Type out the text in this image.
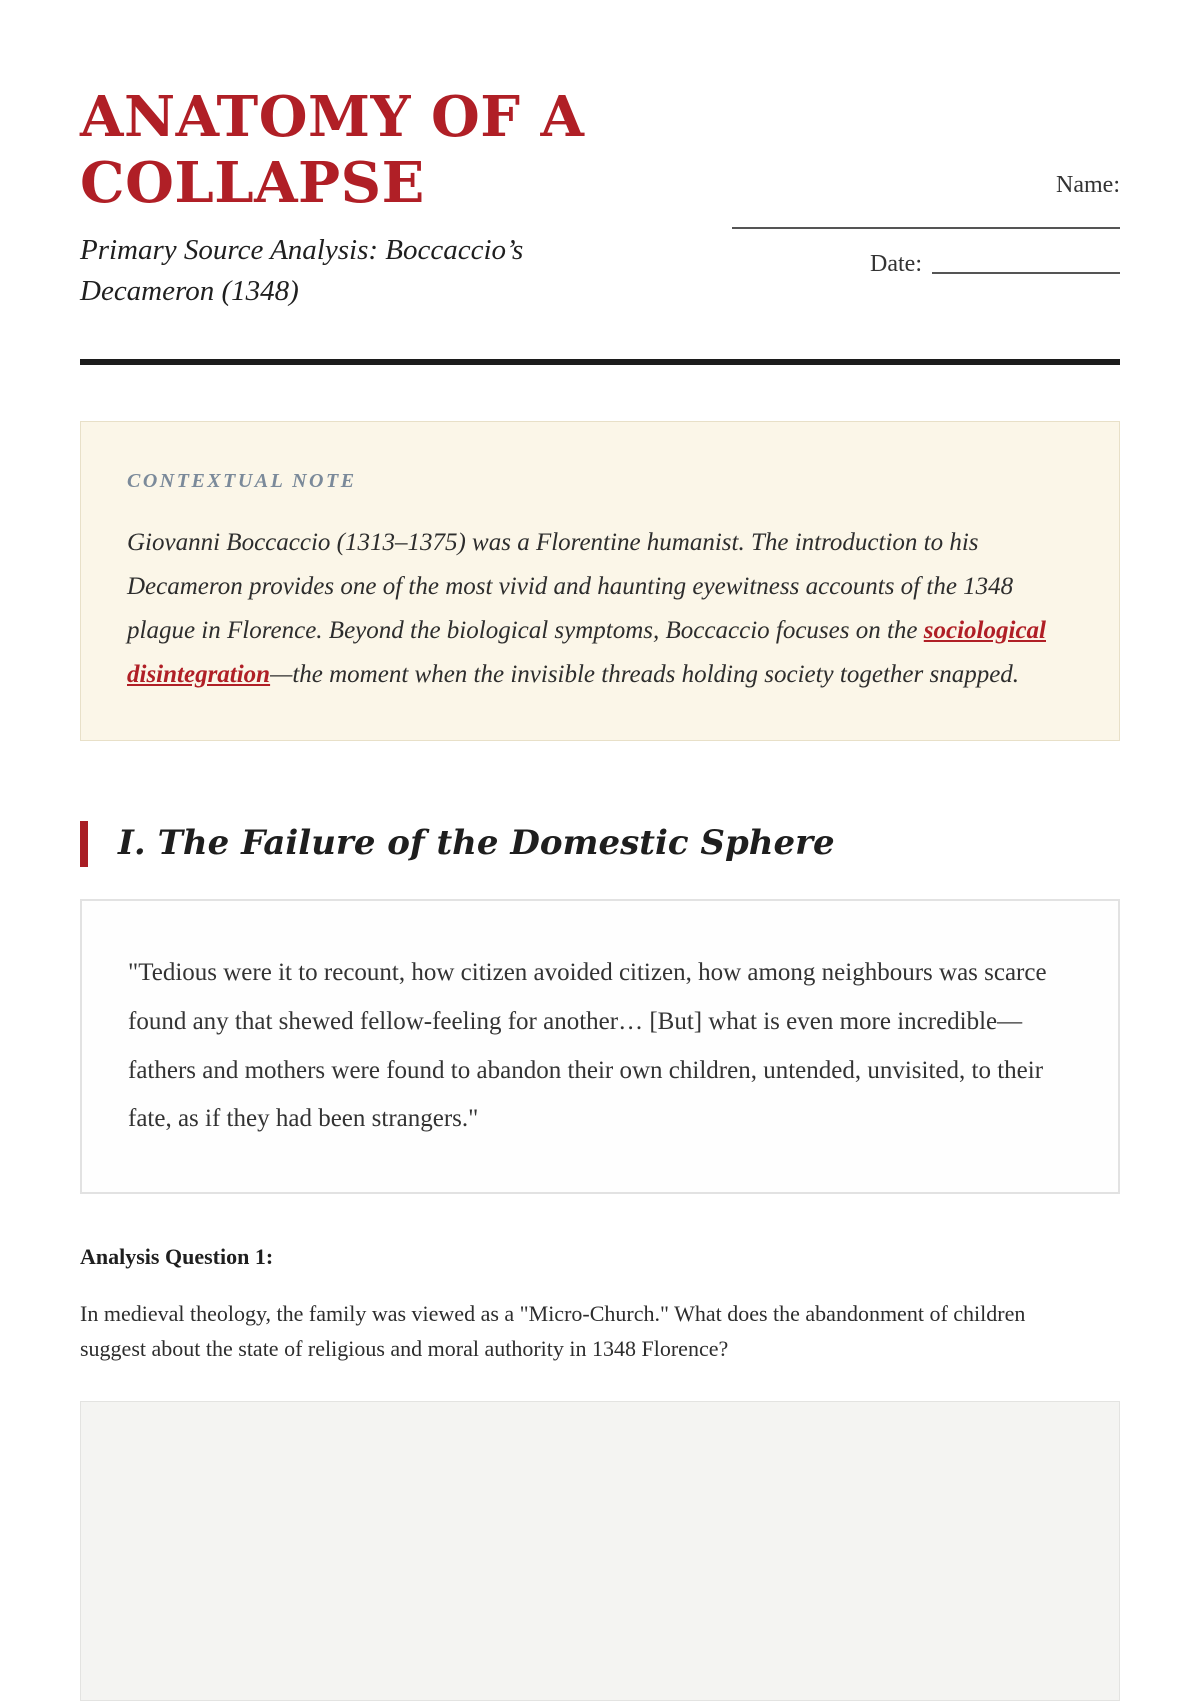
ANATOMY OF A COLLAPSE
Primary Source Analysis: Boccaccio’s Decameron (1348)
Name:
Date:
CONTEXTUAL NOTE

Giovanni Boccaccio (1313–1375) was a Florentine humanist. The introduction to his Decameron provides one of the most vivid and haunting eyewitness accounts of the 1348 plague in Florence. Beyond the biological symptoms, Boccaccio focuses on the sociological disintegration—the moment when the invisible threads holding society together snapped.

I. The Failure of the Domestic Sphere

"Tedious were it to recount, how citizen avoided citizen, how among neighbours was scarce found any that shewed fellow-feeling for another… [But] what is even more incredible—fathers and mothers were found to abandon their own children, untended, unvisited, to their fate, as if they had been strangers."

Analysis Question 1:

In medieval theology, the family was viewed as a "Micro-Church." What does the abandonment of children suggest about the state of religious and moral authority in 1348 Florence?
